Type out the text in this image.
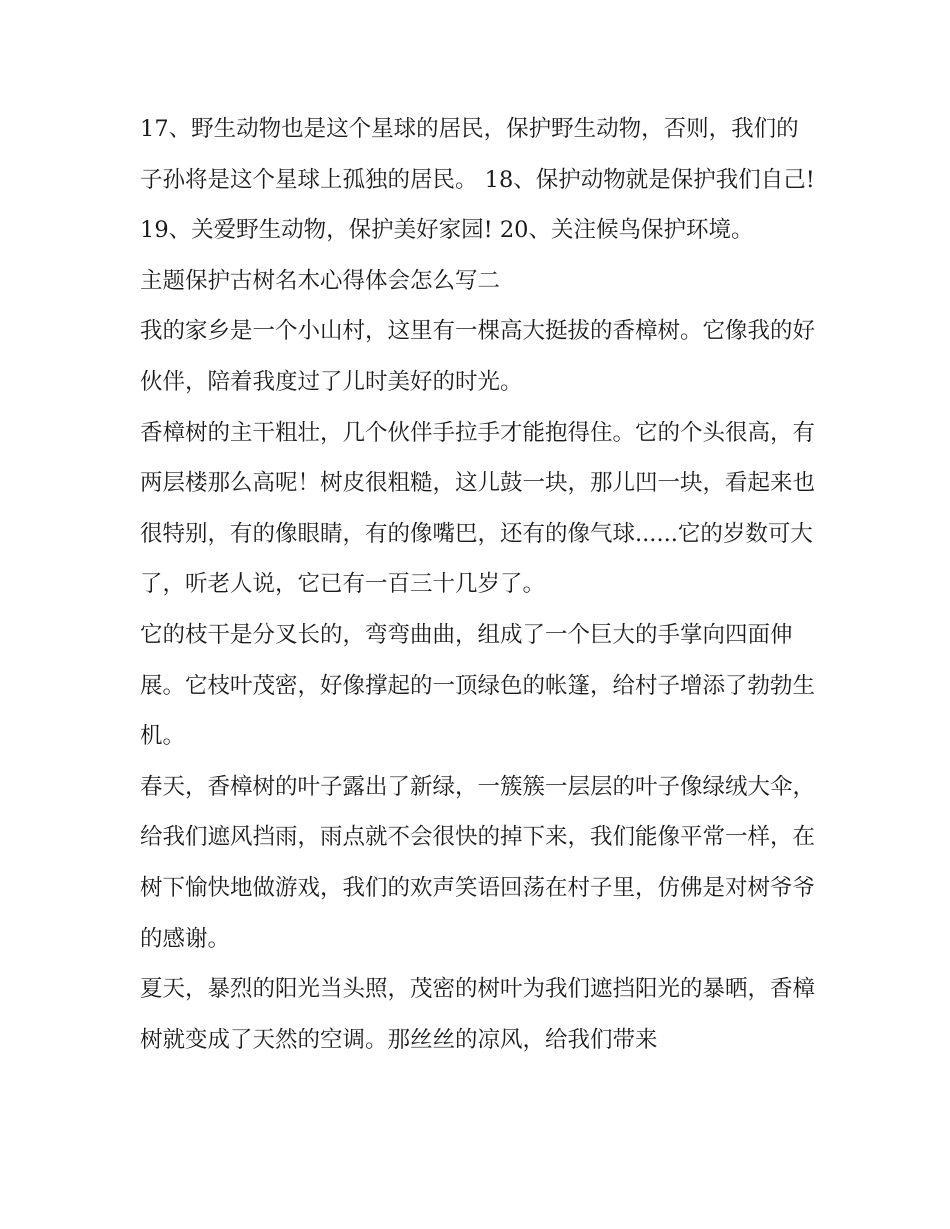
17、野生动物也是这个星球的居民，保护野生动物，否则，我们的子孙将是这个星球上孤独的居民。 18、保护动物就是保护我们自己!

19、关爱野生动物，保护美好家园! 20、关注候鸟保护环境。

主题保护古树名木心得体会怎么写二

我的家乡是一个小山村，这里有一棵高大挺拔的香樟树。它像我的好伙伴，陪着我度过了儿时美好的时光。

香樟树的主干粗壮，几个伙伴手拉手才能抱得住。它的个头很高，有两层楼那么高呢！树皮很粗糙，这儿鼓一块，那儿凹一块，看起来也很特别，有的像眼睛，有的像嘴巴，还有的像气球......它的岁数可大了，听老人说，它已有一百三十几岁了。

它的枝干是分叉长的，弯弯曲曲，组成了一个巨大的手掌向四面伸展。它枝叶茂密，好像撑起的一顶绿色的帐篷，给村子增添了勃勃生机。

春天，香樟树的叶子露出了新绿，一簇簇一层层的叶子像绿绒大伞，给我们遮风挡雨，雨点就不会很快的掉下来，我们能像平常一样，在树下愉快地做游戏，我们的欢声笑语回荡在村子里，仿佛是对树爷爷的感谢。

夏天，暴烈的阳光当头照，茂密的树叶为我们遮挡阳光的暴晒，香樟树就变成了天然的空调。那丝丝的凉风，给我们带来
